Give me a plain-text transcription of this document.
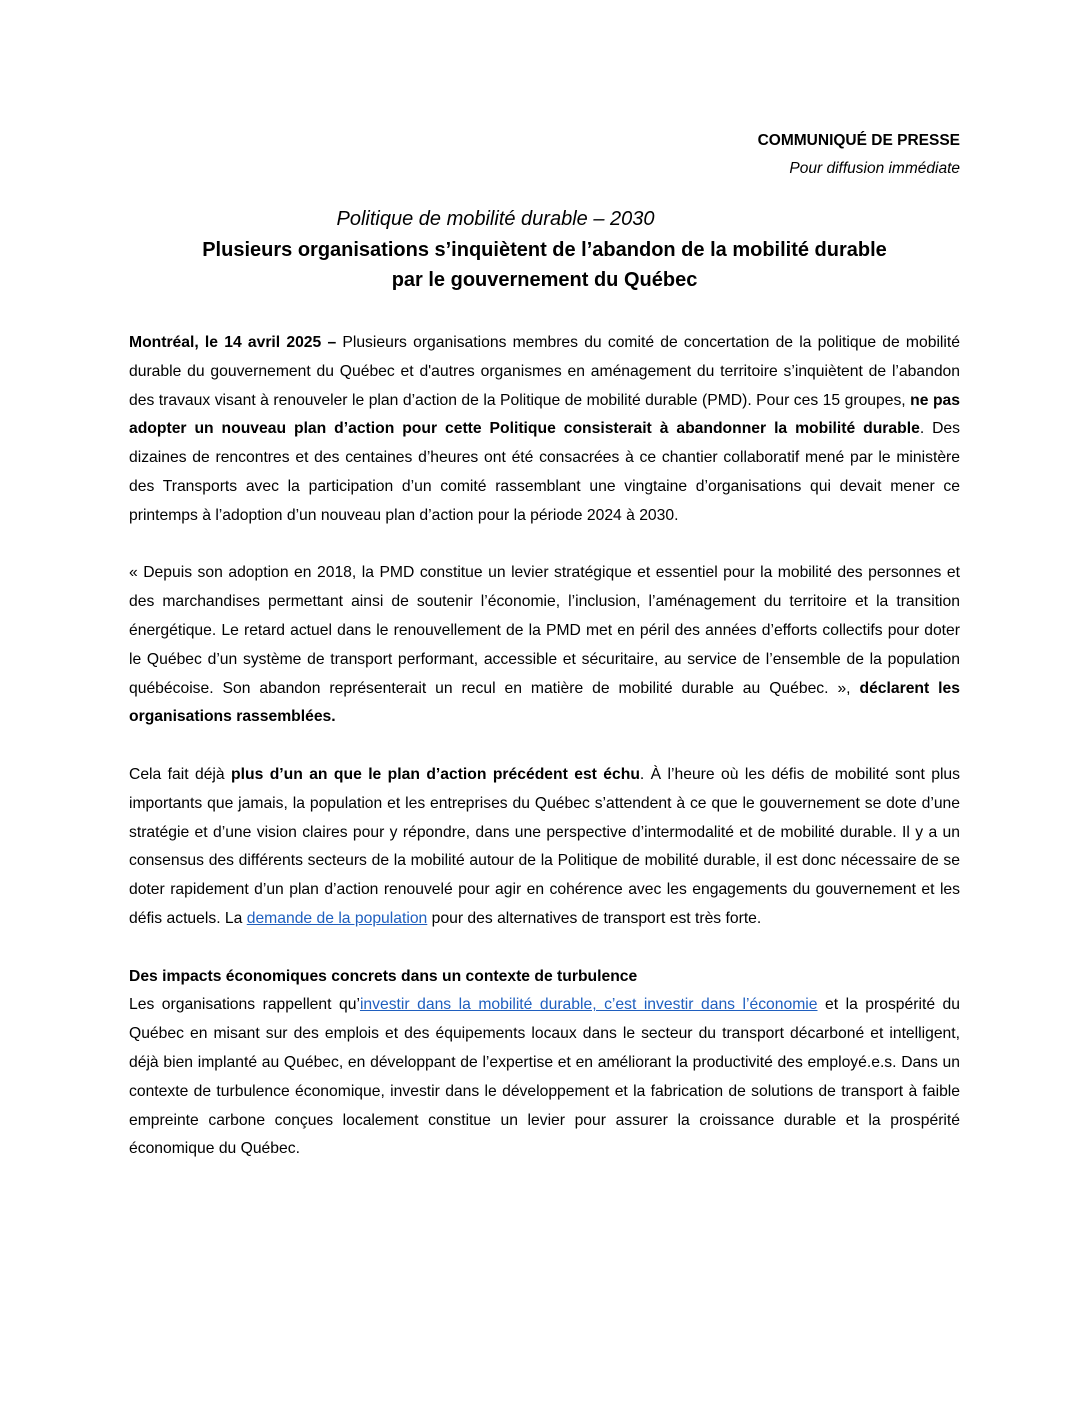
COMMUNIQUÉ DE PRESSE
Pour diffusion immédiate
Politique de mobilité durable – 2030
Plusieurs organisations s’inquiètent de l’abandon de la mobilité durable
par le gouvernement du Québec

Montréal, le 14 avril 2025 – Plusieurs organisations membres du comité de concertation de la politique de mobilité durable du gouvernement du Québec et d'autres organismes en aménagement du territoire s’inquiètent de l’abandon des travaux visant à renouveler le plan d’action de la Politique de mobilité durable (PMD). Pour ces 15 groupes, ne pas adopter un nouveau plan d’action pour cette Politique consisterait à abandonner la mobilité durable. Des dizaines de rencontres et des centaines d’heures ont été consacrées à ce chantier collaboratif mené par le ministère des Transports avec la participation d’un comité rassemblant une vingtaine d’organisations qui devait mener ce printemps à l’adoption d’un nouveau plan d’action pour la période 2024 à 2030.

« Depuis son adoption en 2018, la PMD constitue un levier stratégique et essentiel pour la mobilité des personnes et des marchandises permettant ainsi de soutenir l’économie, l’inclusion, l’aménagement du territoire et la transition énergétique. Le retard actuel dans le renouvellement de la PMD met en péril des années d’efforts collectifs pour doter le Québec d’un système de transport performant, accessible et sécuritaire, au service de l’ensemble de la population québécoise. Son abandon représenterait un recul en matière de mobilité durable au Québec. », déclarent les organisations rassemblées.

Cela fait déjà plus d’un an que le plan d’action précédent est échu. À l’heure où les défis de mobilité sont plus importants que jamais, la population et les entreprises du Québec s’attendent à ce que le gouvernement se dote d’une stratégie et d’une vision claires pour y répondre, dans une perspective d’intermodalité et de mobilité durable. Il y a un consensus des différents secteurs de la mobilité autour de la Politique de mobilité durable, il est donc nécessaire de se doter rapidement d’un plan d’action renouvelé pour agir en cohérence avec les engagements du gouvernement et les défis actuels. La demande de la population pour des alternatives de transport est très forte.

Des impacts économiques concrets dans un contexte de turbulence
Les organisations rappellent qu’investir dans la mobilité durable, c’est investir dans l’économie et la prospérité du Québec en misant sur des emplois et des équipements locaux dans le secteur du transport décarboné et intelligent, déjà bien implanté au Québec, en développant de l’expertise et en améliorant la productivité des employé.e.s. Dans un contexte de turbulence économique, investir dans le développement et la fabrication de solutions de transport à faible empreinte carbone conçues localement constitue un levier pour assurer la croissance durable et la prospérité économique du Québec.
